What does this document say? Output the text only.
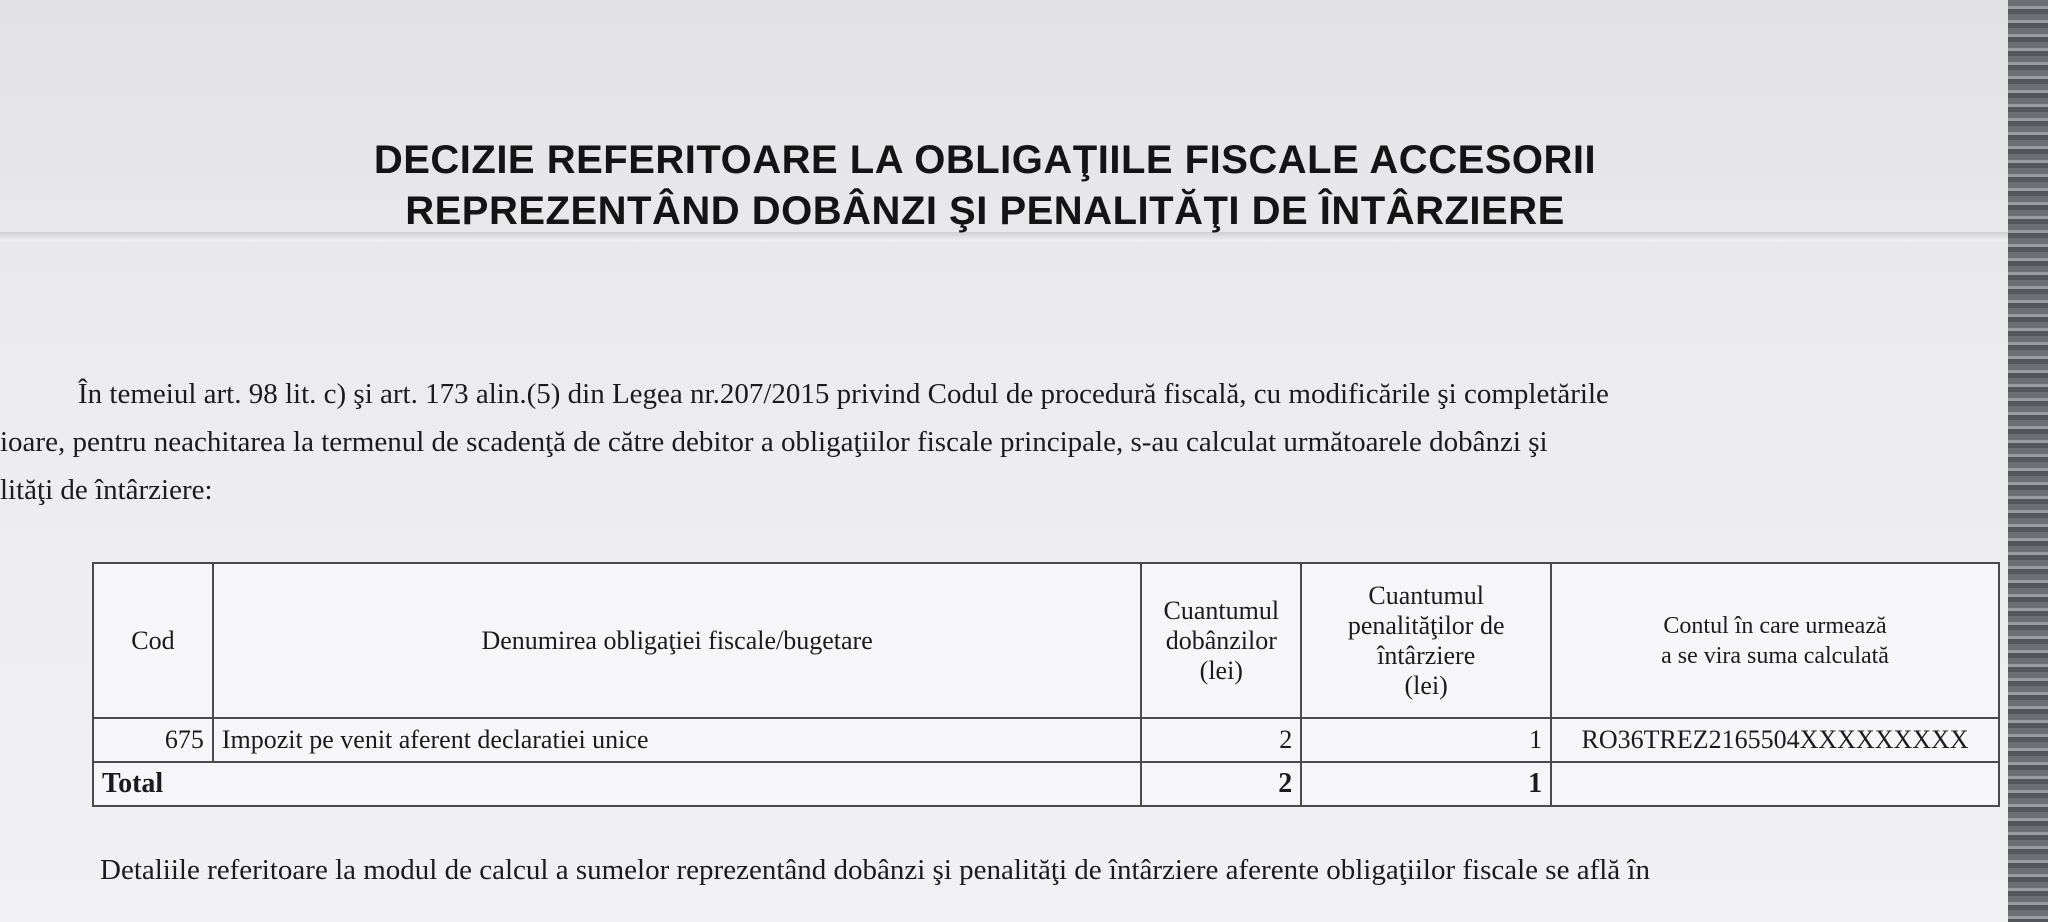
DECIZIE REFERITOARE LA OBLIGAŢIILE FISCALE ACCESORII
REPREZENTÂND DOBÂNZI ŞI PENALITĂŢI DE ÎNTÂRZIERE

În temeiul art. 98 lit. c) şi art. 173 alin.(5) din Legea nr.207/2015 privind Codul de procedură fiscală, cu modificările şi completările
ioare, pentru neachitarea la termenul de scadenţă de către debitor a obligaţiilor fiscale principale, s-au calculat următoarele dobânzi şi
lităţi de întârziere:

Cod	Denumirea obligaţiei fiscale/bugetare	Cuantumul
dobânzilor
(lei)	Cuantumul
penalităţilor de
întârziere
(lei)	Contul în care urmează
a se vira suma calculată
675	Impozit pe venit aferent declaratiei unice	2	1	RO36TREZ2165504XXXXXXXXX
Total		2	1	

Detaliile referitoare la modul de calcul a sumelor reprezentând dobânzi şi penalităţi de întârziere aferente obligaţiilor fiscale se află în
